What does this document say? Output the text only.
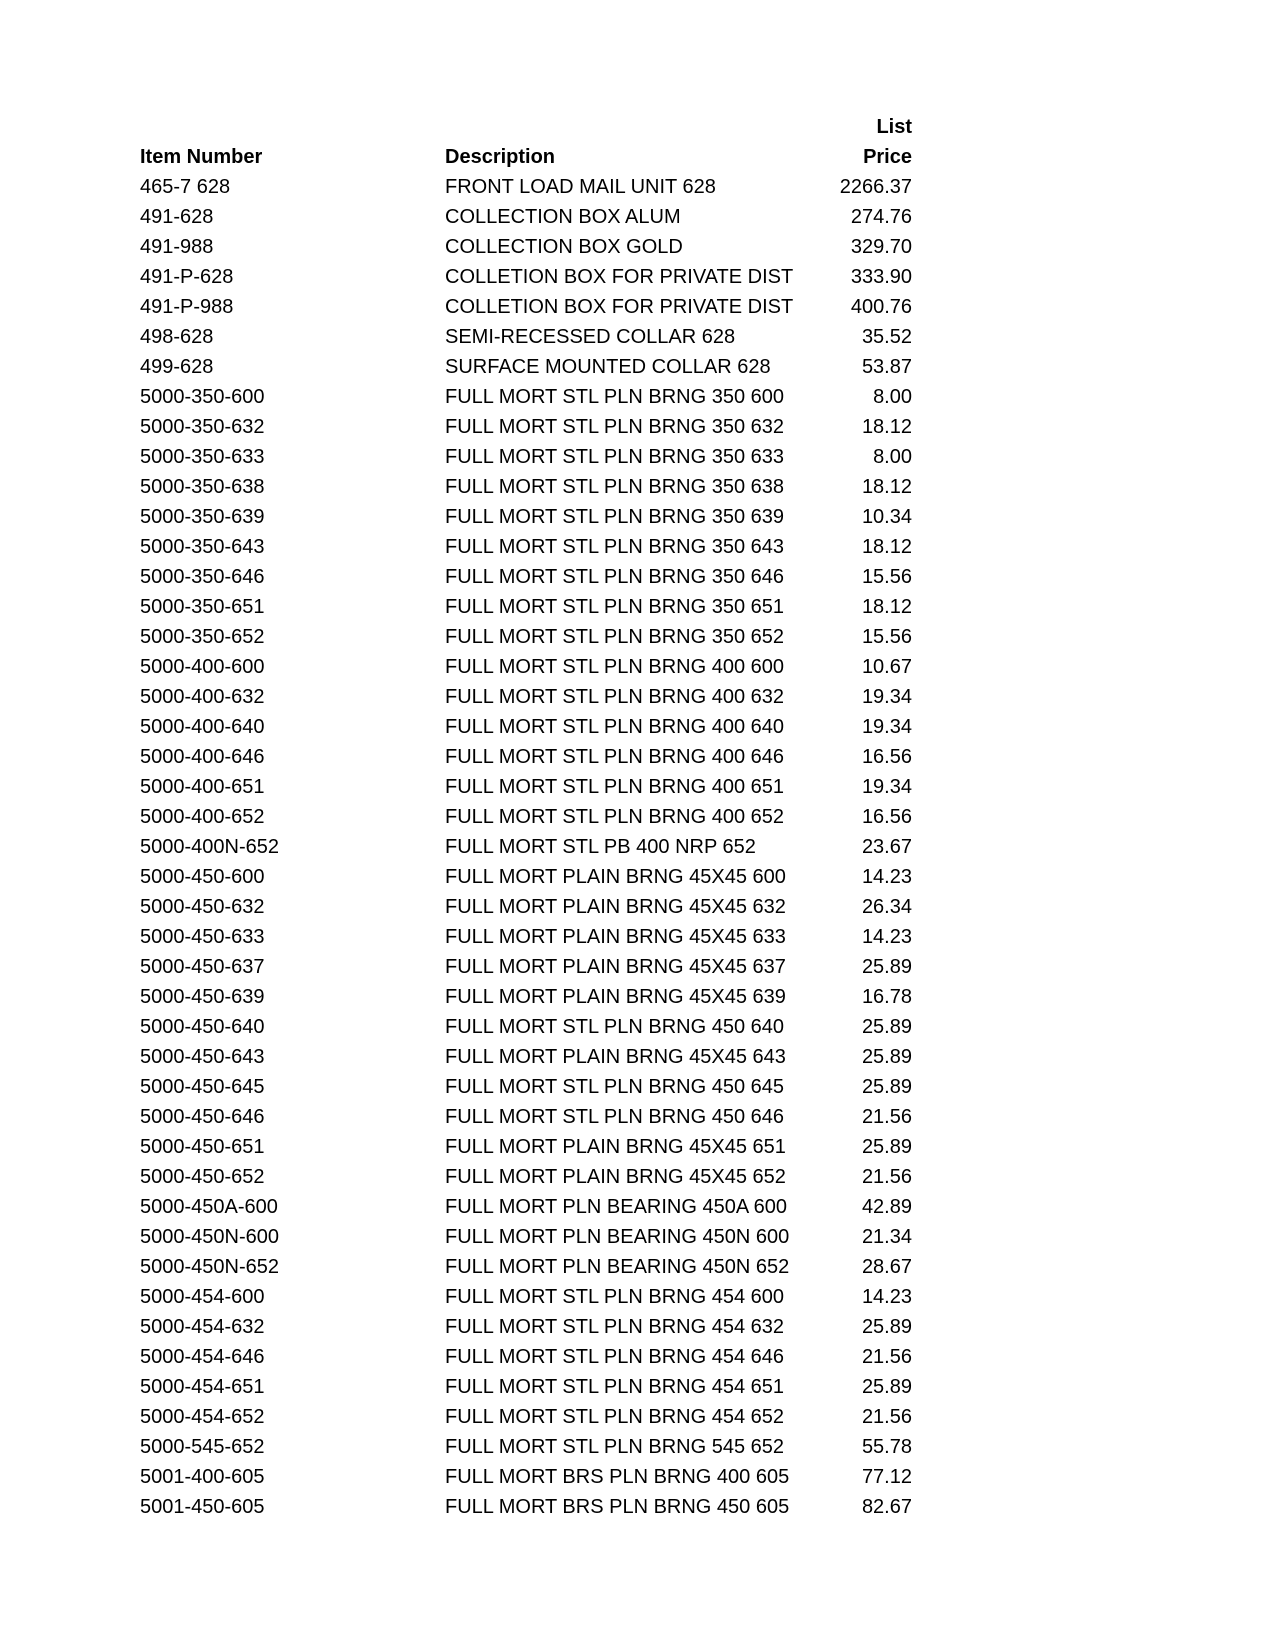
List
Item Number	Description	Price
465-7 628	FRONT LOAD MAIL UNIT 628	2266.37
491-628	COLLECTION BOX ALUM	274.76
491-988	COLLECTION BOX GOLD	329.70
491-P-628	COLLETION BOX FOR PRIVATE DIST	333.90
491-P-988	COLLETION BOX FOR PRIVATE DIST	400.76
498-628	SEMI-RECESSED COLLAR 628	35.52
499-628	SURFACE MOUNTED COLLAR 628	53.87
5000-350-600	FULL MORT STL PLN BRNG 350 600	8.00
5000-350-632	FULL MORT STL PLN BRNG 350 632	18.12
5000-350-633	FULL MORT STL PLN BRNG 350 633	8.00
5000-350-638	FULL MORT STL PLN BRNG 350 638	18.12
5000-350-639	FULL MORT STL PLN BRNG 350 639	10.34
5000-350-643	FULL MORT STL PLN BRNG 350 643	18.12
5000-350-646	FULL MORT STL PLN BRNG 350 646	15.56
5000-350-651	FULL MORT STL PLN BRNG 350 651	18.12
5000-350-652	FULL MORT STL PLN BRNG 350 652	15.56
5000-400-600	FULL MORT STL PLN BRNG 400 600	10.67
5000-400-632	FULL MORT STL PLN BRNG 400 632	19.34
5000-400-640	FULL MORT STL PLN BRNG 400 640	19.34
5000-400-646	FULL MORT STL PLN BRNG 400 646	16.56
5000-400-651	FULL MORT STL PLN BRNG 400 651	19.34
5000-400-652	FULL MORT STL PLN BRNG 400 652	16.56
5000-400N-652	FULL MORT STL PB 400 NRP 652	23.67
5000-450-600	FULL MORT PLAIN BRNG 45X45 600	14.23
5000-450-632	FULL MORT PLAIN BRNG 45X45 632	26.34
5000-450-633	FULL MORT PLAIN BRNG 45X45 633	14.23
5000-450-637	FULL MORT PLAIN BRNG 45X45 637	25.89
5000-450-639	FULL MORT PLAIN BRNG 45X45 639	16.78
5000-450-640	FULL MORT STL PLN BRNG 450 640	25.89
5000-450-643	FULL MORT PLAIN BRNG 45X45 643	25.89
5000-450-645	FULL MORT STL PLN BRNG 450 645	25.89
5000-450-646	FULL MORT STL PLN BRNG 450 646	21.56
5000-450-651	FULL MORT PLAIN BRNG 45X45 651	25.89
5000-450-652	FULL MORT PLAIN BRNG 45X45 652	21.56
5000-450A-600	FULL MORT PLN BEARING 450A 600	42.89
5000-450N-600	FULL MORT PLN BEARING 450N 600	21.34
5000-450N-652	FULL MORT PLN BEARING 450N 652	28.67
5000-454-600	FULL MORT STL PLN BRNG 454 600	14.23
5000-454-632	FULL MORT STL PLN BRNG 454 632	25.89
5000-454-646	FULL MORT STL PLN BRNG 454 646	21.56
5000-454-651	FULL MORT STL PLN BRNG 454 651	25.89
5000-454-652	FULL MORT STL PLN BRNG 454 652	21.56
5000-545-652	FULL MORT STL PLN BRNG 545 652	55.78
5001-400-605	FULL MORT BRS PLN BRNG 400 605	77.12
5001-450-605	FULL MORT BRS PLN BRNG 450 605	82.67
